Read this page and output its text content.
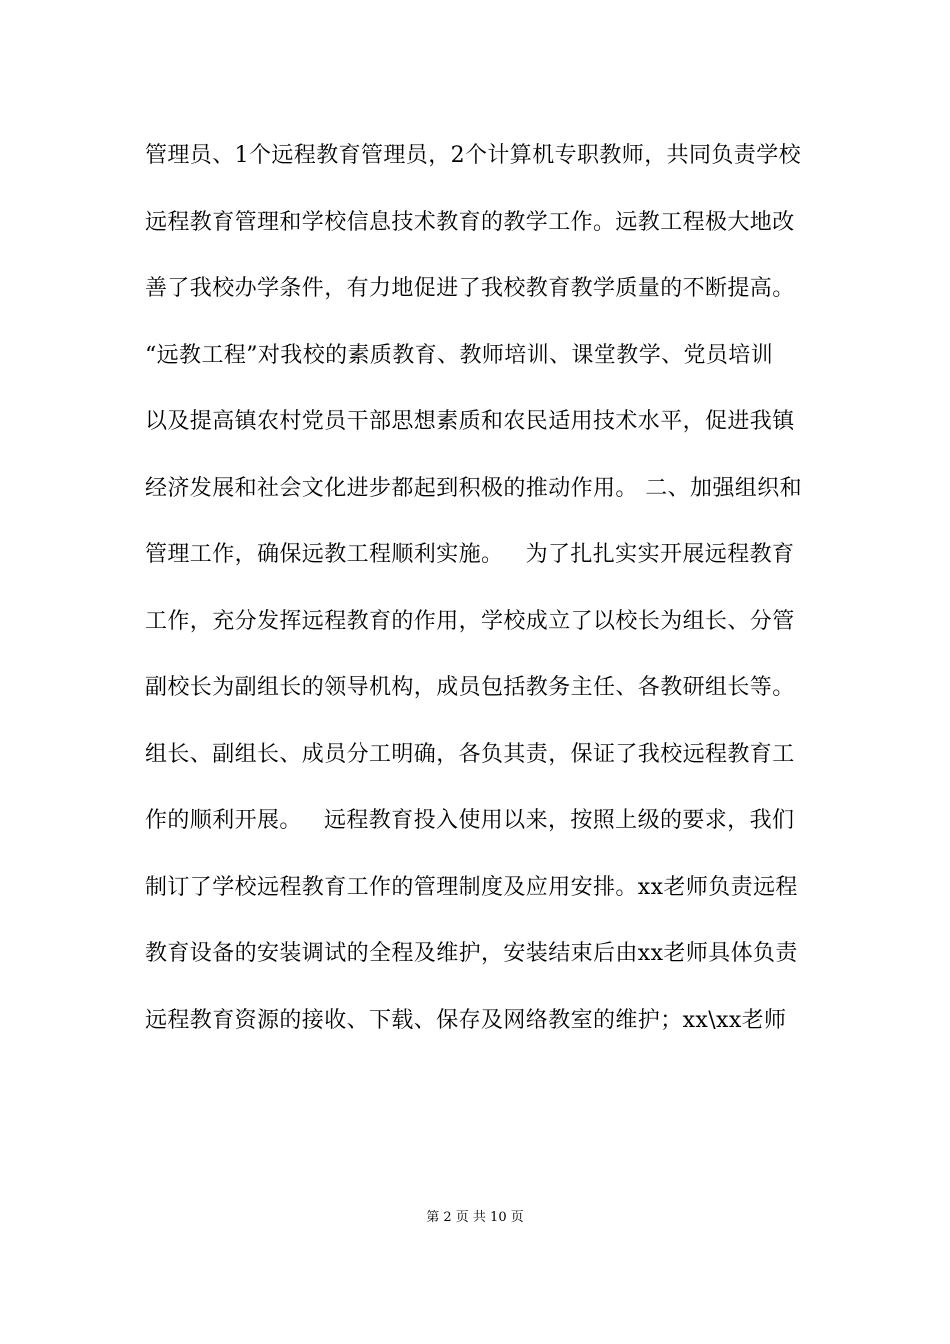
管理员、1个远程教育管理员，2个计算机专职教师，共同负责学校
远程教育管理和学校信息技术教育的教学工作。远教工程极大地改
善了我校办学条件，有力地促进了我校教育教学质量的不断提高。
“远教工程”对我校的素质教育、教师培训、课堂教学、党员培训
以及提高镇农村党员干部思想素质和农民适用技术水平，促进我镇
经济发展和社会文化进步都起到积极的推动作用。 二、加强组织和
管理工作，确保远教工程顺利实施。   为了扎扎实实开展远程教育
工作，充分发挥远程教育的作用，学校成立了以校长为组长、分管
副校长为副组长的领导机构，成员包括教务主任、各教研组长等。
组长、副组长、成员分工明确，各负其责，保证了我校远程教育工
作的顺利开展。   远程教育投入使用以来，按照上级的要求，我们
制订了学校远程教育工作的管理制度及应用安排。xx老师负责远程
教育设备的安装调试的全程及维护，安装结束后由xx老师具体负责
远程教育资源的接收、下载、保存及网络教室的维护；xx\xx老师
第 2 页 共 10 页
